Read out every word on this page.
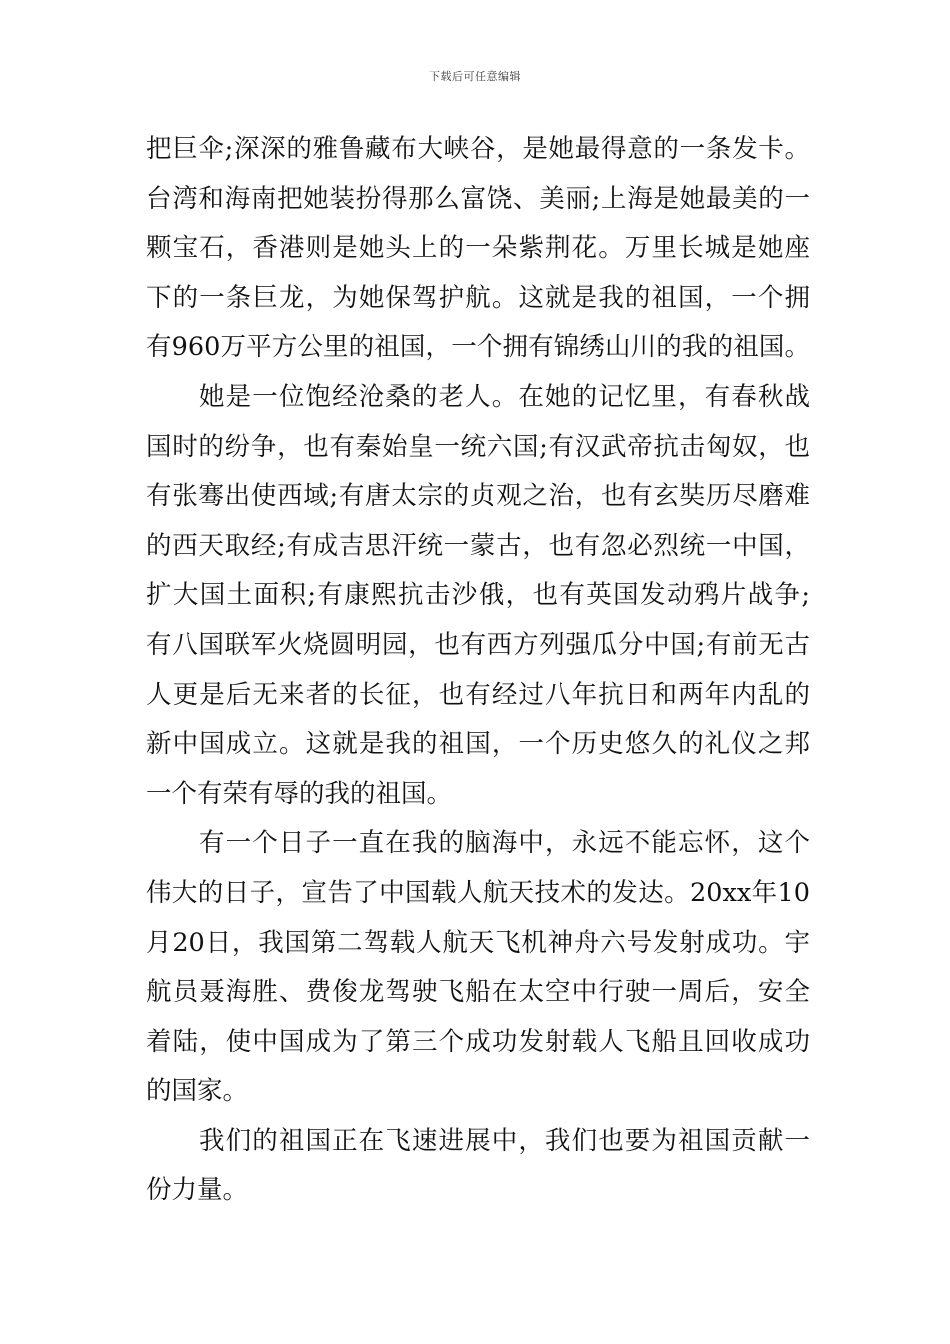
下载后可任意编辑
把巨伞;深深的雅鲁藏布大峡谷，是她最得意的一条发卡。
台湾和海南把她装扮得那么富饶、美丽;上海是她最美的一
颗宝石，香港则是她头上的一朵紫荆花。万里长城是她座
下的一条巨龙，为她保驾护航。这就是我的祖国，一个拥
有960万平方公里的祖国，一个拥有锦绣山川的我的祖国。
她是一位饱经沧桑的老人。在她的记忆里，有春秋战
国时的纷争，也有秦始皇一统六国;有汉武帝抗击匈奴，也
有张骞出使西域;有唐太宗的贞观之治，也有玄奘历尽磨难
的西天取经;有成吉思汗统一蒙古，也有忽必烈统一中国，
扩大国土面积;有康熙抗击沙俄，也有英国发动鸦片战争;
有八国联军火烧圆明园，也有西方列强瓜分中国;有前无古
人更是后无来者的长征，也有经过八年抗日和两年内乱的
新中国成立。这就是我的祖国，一个历史悠久的礼仪之邦
一个有荣有辱的我的祖国。
有一个日子一直在我的脑海中，永远不能忘怀，这个
伟大的日子，宣告了中国载人航天技术的发达。20xx年10
月20日，我国第二驾载人航天飞机神舟六号发射成功。宇
航员聂海胜、费俊龙驾驶飞船在太空中行驶一周后，安全
着陆，使中国成为了第三个成功发射载人飞船且回收成功
的国家。
我们的祖国正在飞速进展中，我们也要为祖国贡献一
份力量。
